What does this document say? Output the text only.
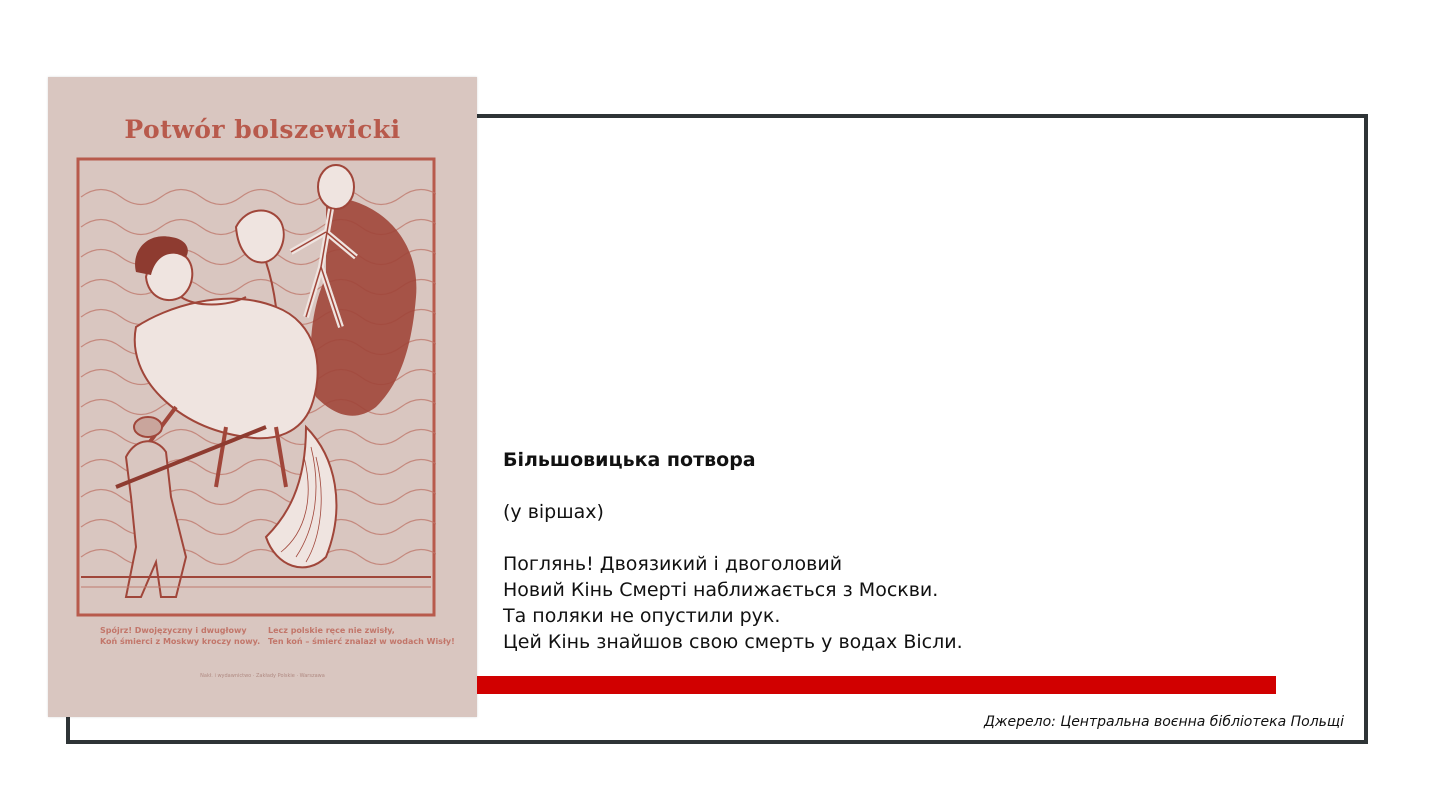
Potwór bolszewicki
Spójrz! Dwojęzyczny i dwugłowy
Koń śmierci z Moskwy kroczy nowy.
Lecz polskie ręce nie zwisły,
Ten koń – śmierć znalazł w wodach Wisły!
Nakł. i wydawnictwo · Zakłady Polskie · Warszawa
Більшовицька потвора
(у віршах)
Поглянь! Двоязикий і двоголовий
Новий Кінь Смерті наближається з Москви.
Та поляки не опустили рук.
Цей Кінь знайшов свою смерть у водах Вісли.
Джерело: Центральна воєнна бібліотека Польщі
